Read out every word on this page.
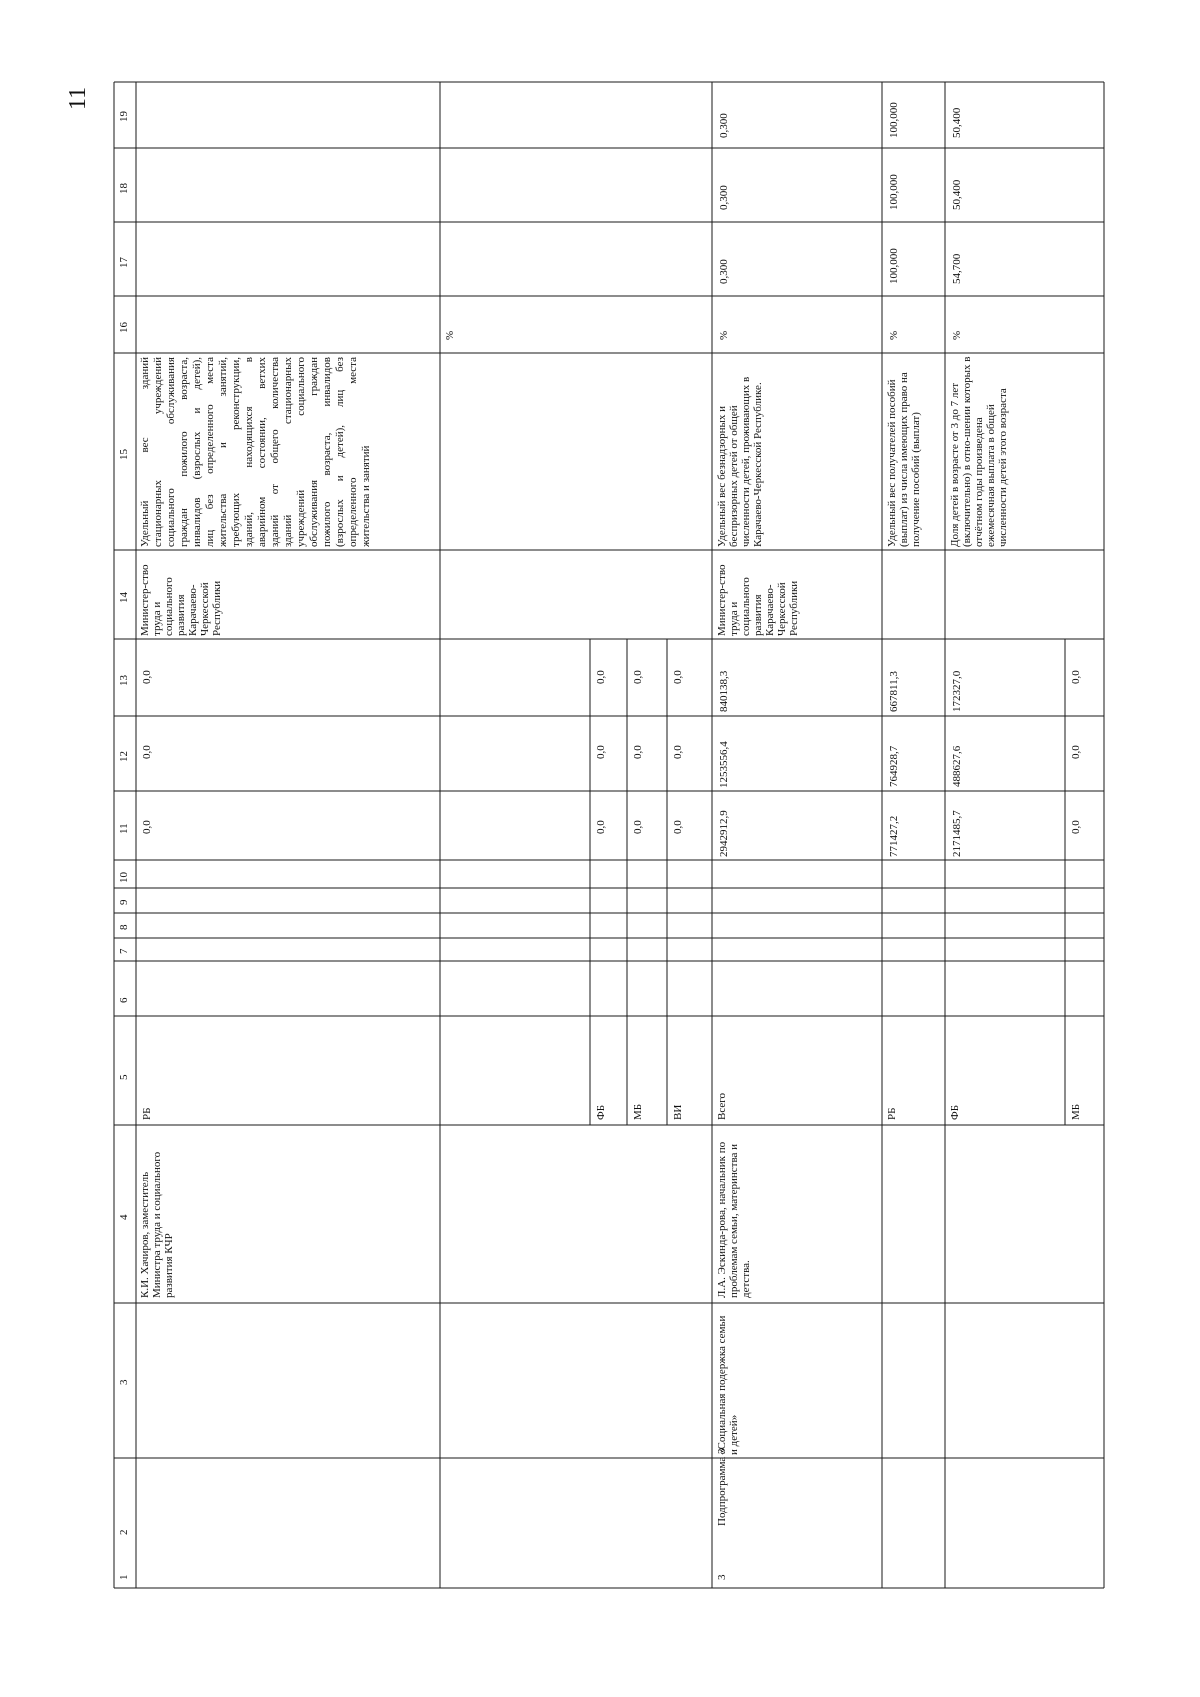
11
1
2
3
4
5
6
7
8
9
10
11
12
13
14
15
16
17
18
19
К.И. Хачиров, заместитель Министра труда и социального развития КЧР
РБ
0,0
0,0
0,0
Министер-ство труда и социального развития Карачаево-Черкесской Республики
Удельный вес зданий стационарных учреждений социального обслуживания граждан пожилого возраста, инвалидов (взрослых и детей), лиц без определенного места жительства и занятий, требующих реконструкции, зданий, находящихся в аварийном состоянии, ветхих зданий от общего количества зданий стационарных учреждений социального обслуживания граждан пожилого возраста, инвалидов (взрослых и детей), лиц без определенного места жительства и занятий
%
ФБ
0,0
0,0
0,0
МБ
0,0
0,0
0,0
ВИ
0,0
0,0
0,0
3
Подпрограмма 3
«Социальная подержка семьи и детей»
Л.А. Эскинда-рова, начальник по проблемам семьи, материнства и детства.
Всего
2942912,9
1253556,4
840138,3
Министер-ство труда и социального развития Карачаево-Черкесской Республики
Удельный вес безнадзорных и беспризорных детей от общей численности детей, проживающих в Карачаево-Черкесской Республике.
%
0,300
0,300
0,300
РБ
771427,2
764928,7
667811,3
Удельный вес получателей пособий (выплат) из числа имеющих право на получение пособий (выплат)
%
100,000
100,000
100,000
ФБ
2171485,7
488627,6
172327,0
Доля детей в возрасте от 3 до 7 лет (включительно) в отно-шении которых в отчётном годы произведена ежемесячная выплата в общей численности детей этого возраста
%
54,700
50,400
50,400
МБ
0,0
0,0
0,0
